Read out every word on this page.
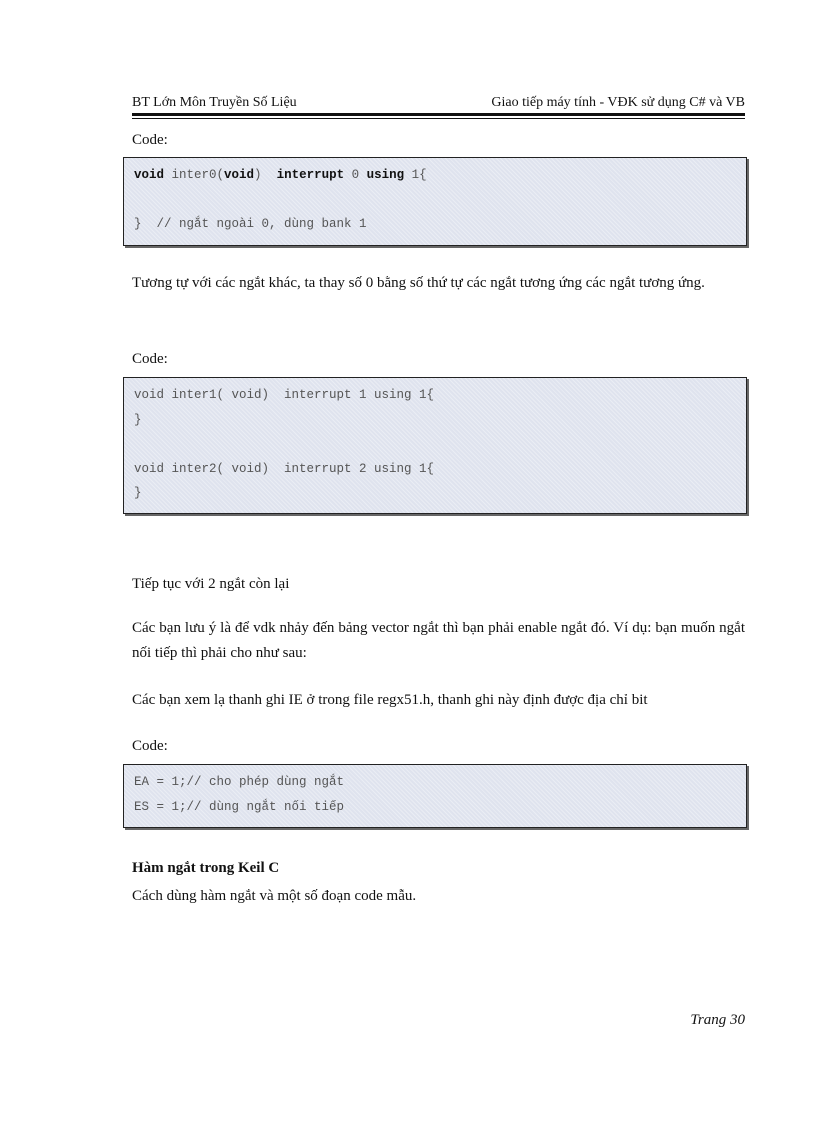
BT Lớn Môn Truyền Số Liệu	Giao tiếp máy tính - VĐK sử dụng C# và VB
Code:
void inter0(void)  interrupt 0 using 1{
}  // ngắt ngoài 0, dùng bank 1
Tương tự với các ngắt khác, ta thay số 0 bằng số thứ tự các ngắt tương ứng các ngắt tương ứng.
Code:
void inter1( void)  interrupt 1 using 1{
}
void inter2( void)  interrupt 2 using 1{
}
Tiếp tục với 2 ngắt còn lại
Các bạn lưu ý là để vdk nhảy đến bảng vector ngắt thì bạn phải enable ngắt đó. Ví dụ: bạn muốn ngắt nối tiếp thì phải cho như sau:
Các bạn xem lạ thanh ghi IE ở trong file regx51.h, thanh ghi này định được địa chỉ bit
Code:
EA = 1;// cho phép dùng ngắt
ES = 1;// dùng ngắt nối tiếp
Hàm ngắt trong Keil C
Cách dùng hàm ngắt và một số đoạn code mẫu.
Trang 30
